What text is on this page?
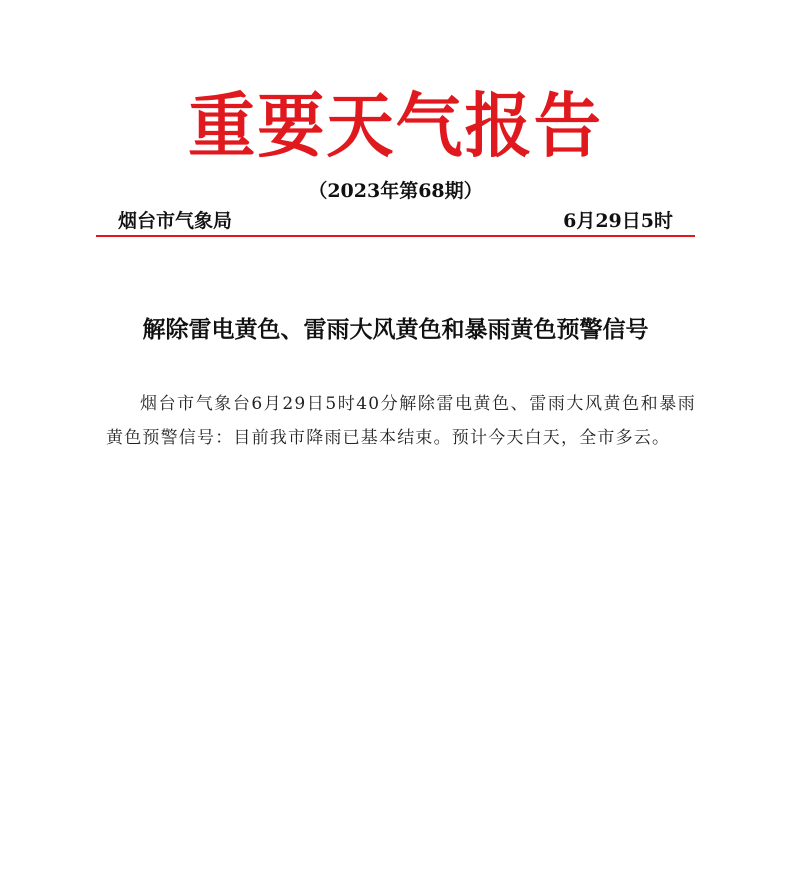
重要天气报告
（2023年第68期）
烟台市气象局	6月29日5时
解除雷电黄色、雷雨大风黄色和暴雨黄色预警信号
烟台市气象台6月29日5时40分解除雷电黄色、雷雨大风黄色和暴雨黄色预警信号：目前我市降雨已基本结束。预计今天白天，全市多云。
